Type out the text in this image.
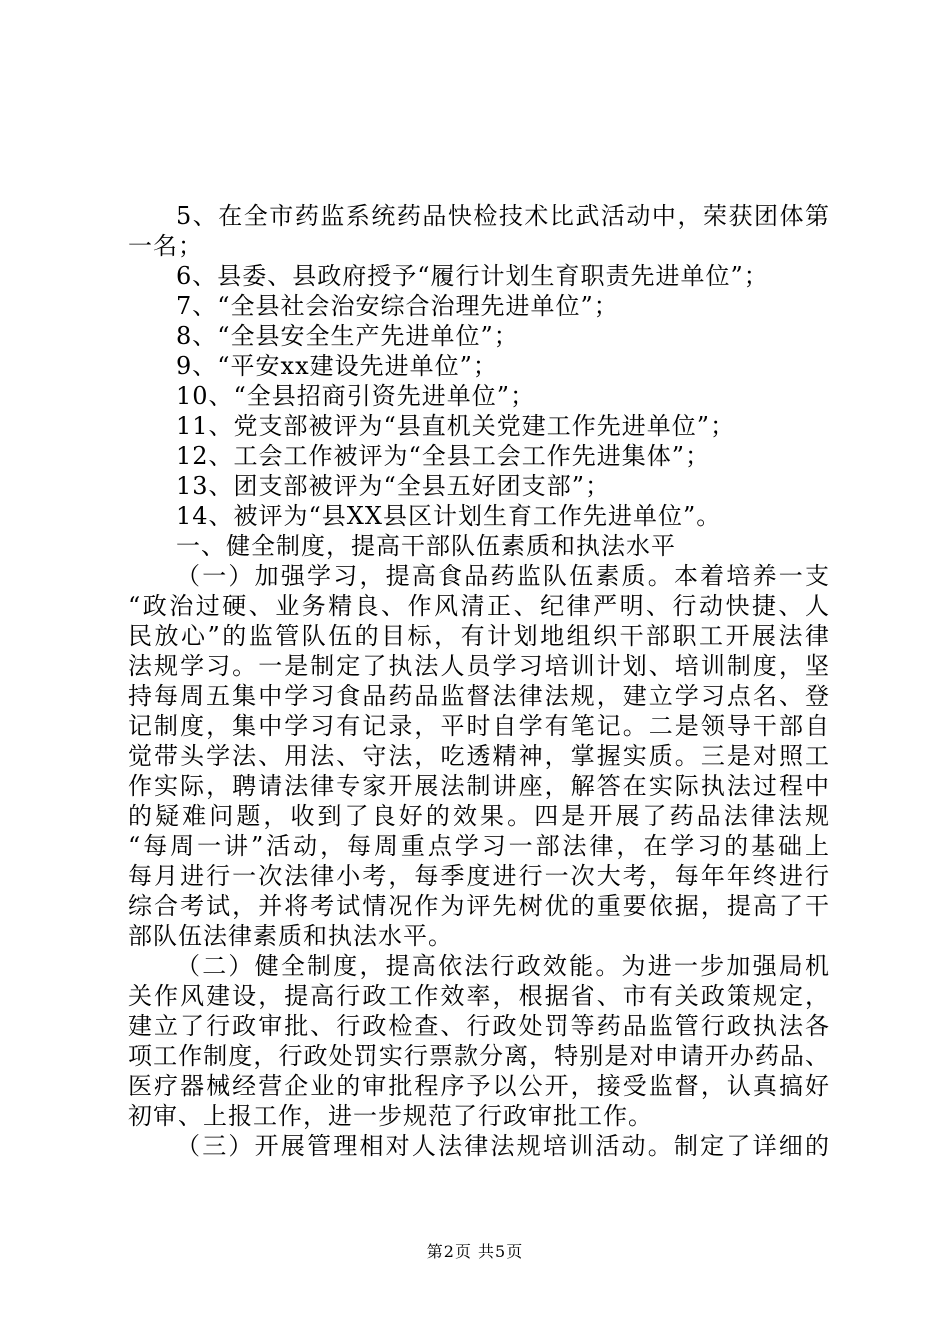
5、在全市药监系统药品快检技术比武活动中，荣获团体第
一名；
6、县委、县政府授予“履行计划生育职责先进单位”；
7、“全县社会治安综合治理先进单位”；
8、“全县安全生产先进单位”；
9、“平安xx建设先进单位”；
10、“全县招商引资先进单位”；
11、党支部被评为“县直机关党建工作先进单位”；
12、工会工作被评为“全县工会工作先进集体”；
13、团支部被评为“全县五好团支部”；
14、被评为“县XX县区计划生育工作先进单位”。
一、健全制度，提高干部队伍素质和执法水平
（一）加强学习，提高食品药监队伍素质。本着培养一支
“政治过硬、业务精良、作风清正、纪律严明、行动快捷、人
民放心”的监管队伍的目标，有计划地组织干部职工开展法律
法规学习。一是制定了执法人员学习培训计划、培训制度，坚
持每周五集中学习食品药品监督法律法规，建立学习点名、登
记制度，集中学习有记录，平时自学有笔记。二是领导干部自
觉带头学法、用法、守法，吃透精神，掌握实质。三是对照工
作实际，聘请法律专家开展法制讲座，解答在实际执法过程中
的疑难问题，收到了良好的效果。四是开展了药品法律法规
“每周一讲”活动，每周重点学习一部法律，在学习的基础上
每月进行一次法律小考，每季度进行一次大考，每年年终进行
综合考试，并将考试情况作为评先树优的重要依据，提高了干
部队伍法律素质和执法水平。
（二）健全制度，提高依法行政效能。为进一步加强局机
关作风建设，提高行政工作效率，根据省、市有关政策规定，
建立了行政审批、行政检查、行政处罚等药品监管行政执法各
项工作制度，行政处罚实行票款分离，特别是对申请开办药品、
医疗器械经营企业的审批程序予以公开，接受监督，认真搞好
初审、上报工作，进一步规范了行政审批工作。
（三）开展管理相对人法律法规培训活动。制定了详细的
第2页 共5页
